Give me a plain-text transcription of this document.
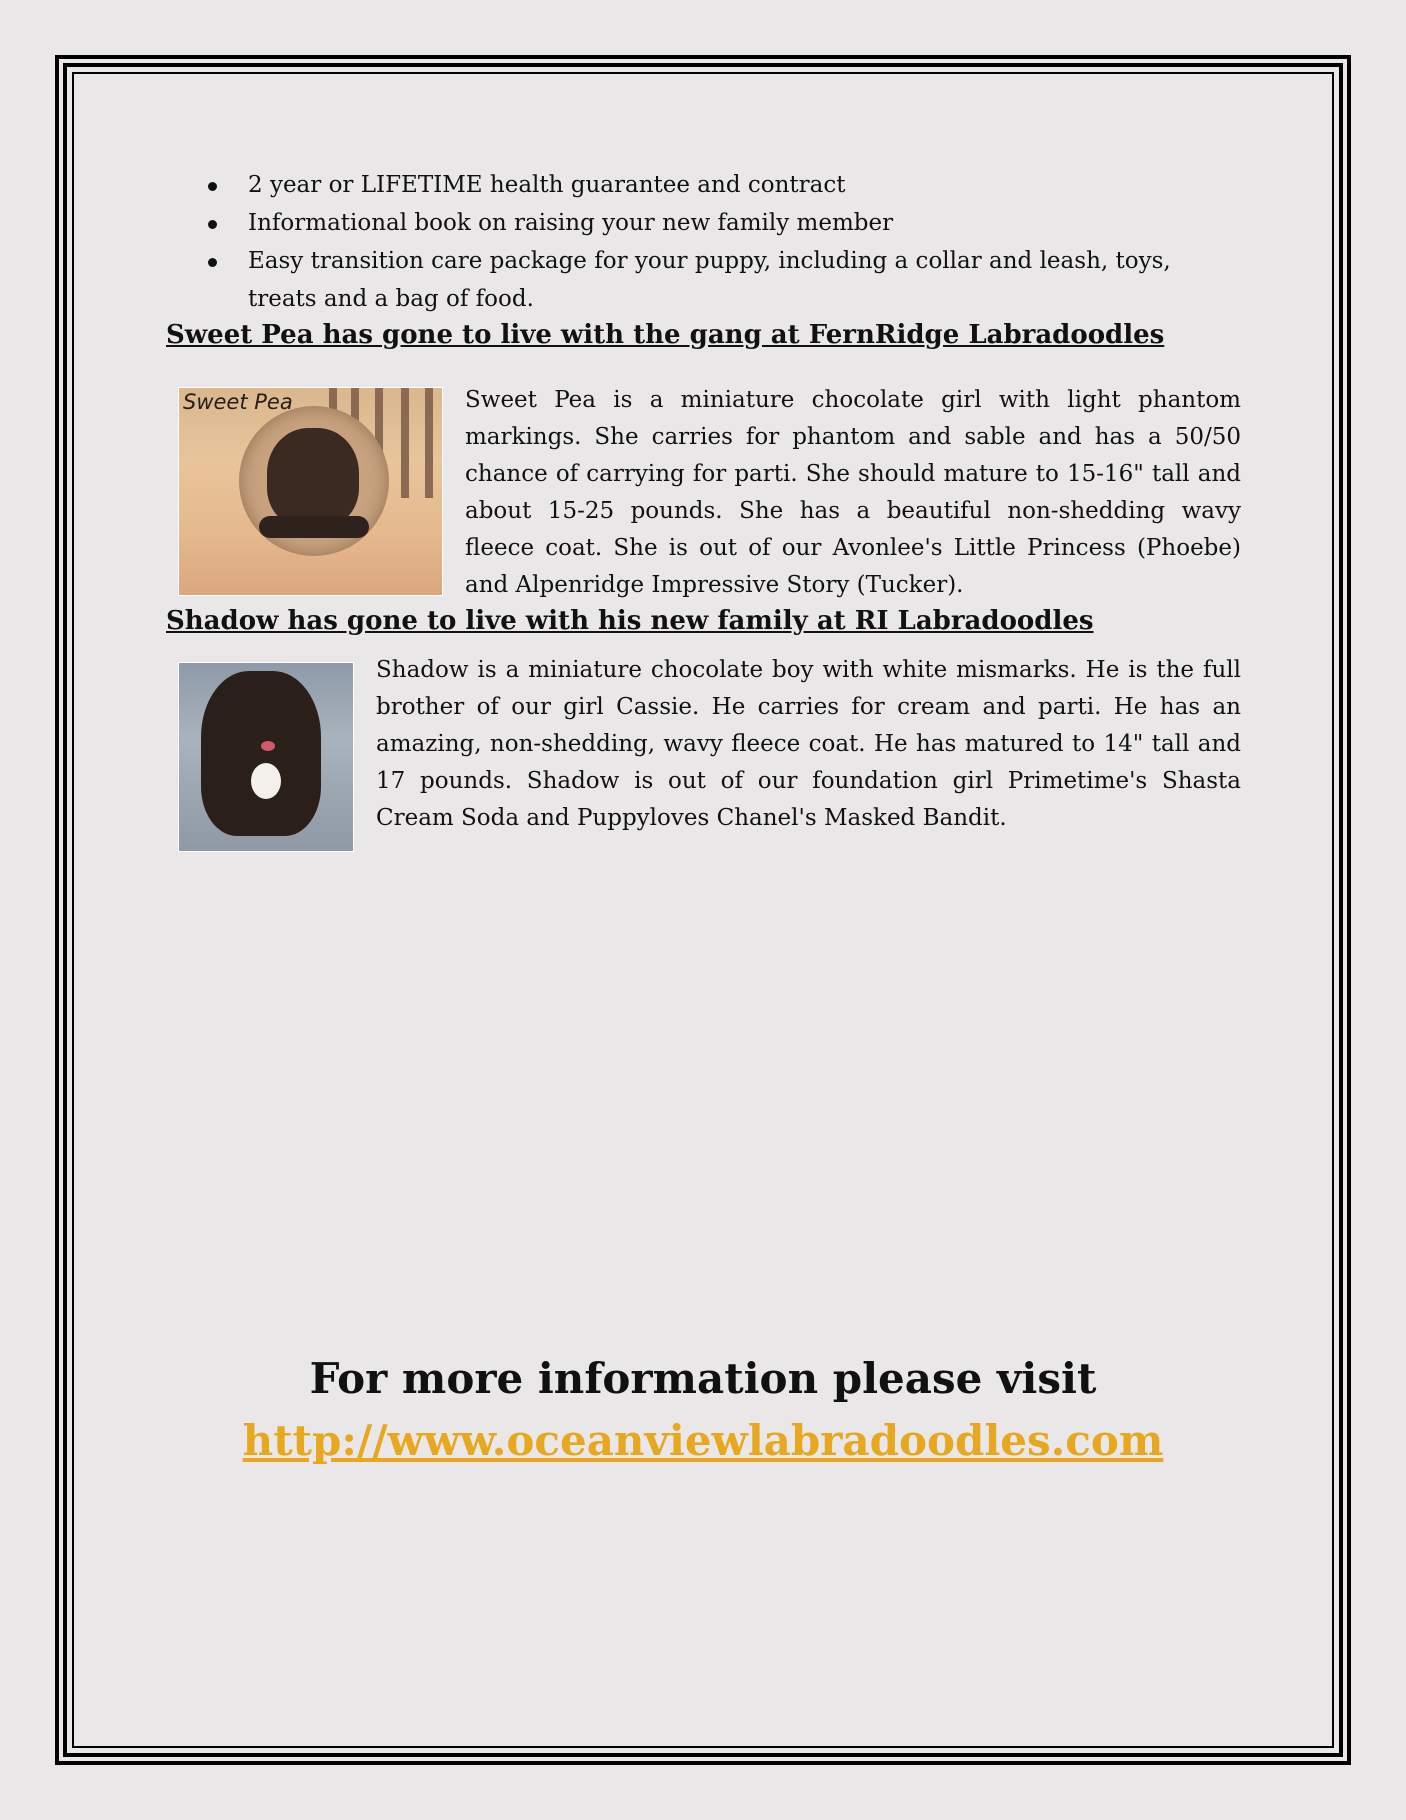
2 year or LIFETIME health guarantee and contract
Informational book on raising your new family member
Easy transition care package for your puppy, including a collar and leash, toys, treats and a bag of food.
Sweet Pea has gone to live with the gang at FernRidge Labradoodles
Sweet Pea	Sweet Pea is a miniature chocolate girl with light phantom markings. She carries for phantom and sable and has a 50/50 chance of carrying for parti. She should mature to 15-16" tall and about 15-25 pounds. She has a beautiful non-shedding wavy fleece coat. She is out of our Avonlee's Little Princess (Phoebe) and Alpenridge Impressive Story (Tucker).

Shadow has gone to live with his new family at RI Labradoodles

Shadow is a miniature chocolate boy with white mismarks. He is the full brother of our girl Cassie. He carries for cream and parti. He has an amazing, non-shedding, wavy fleece coat. He has matured to 14" tall and 17 pounds. Shadow is out of our foundation girl Primetime's Shasta Cream Soda and Puppyloves Chanel's Masked Bandit.

For more information please visit

http://www.oceanviewlabradoodles.com
